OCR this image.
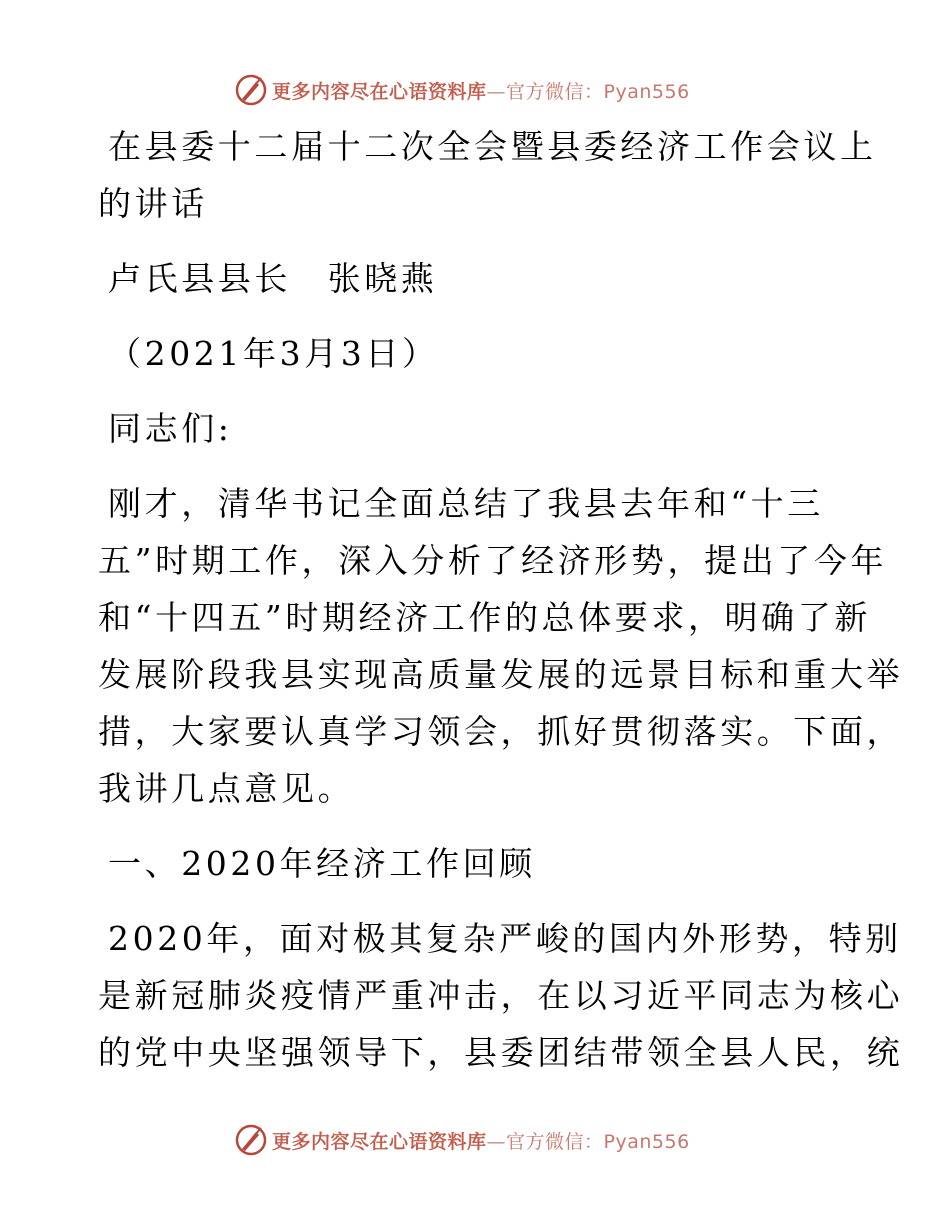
更多内容尽在心语资料库—官方微信：Pyan556
在县委十二届十二次全会暨县委经济工作会议上
的讲话
卢氏县县长　张晓燕
（2021年3月3日）
同志们:
刚才，清华书记全面总结了我县去年和“十三
五”时期工作，深入分析了经济形势，提出了今年
和“十四五”时期经济工作的总体要求，明确了新
发展阶段我县实现高质量发展的远景目标和重大举
措，大家要认真学习领会，抓好贯彻落实。下面，
我讲几点意见。
一、2020年经济工作回顾
2020年，面对极其复杂严峻的国内外形势，特别
是新冠肺炎疫情严重冲击，在以习近平同志为核心
的党中央坚强领导下，县委团结带领全县人民，统
更多内容尽在心语资料库—官方微信：Pyan556
